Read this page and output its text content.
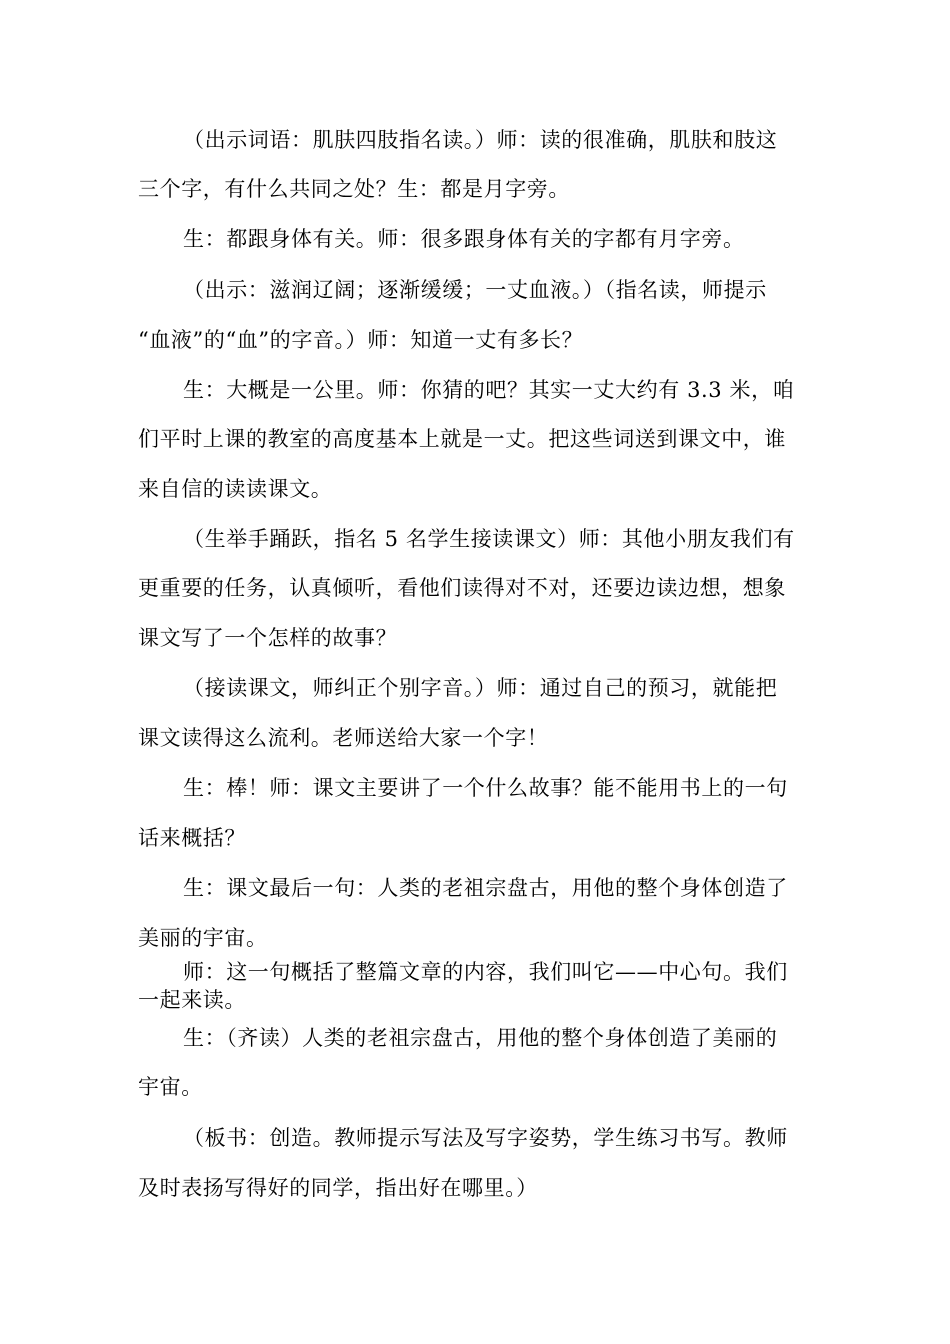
（出示词语：肌肤四肢指名读。）师：读的很准确，肌肤和肢这
三个字，有什么共同之处？生：都是月字旁。
生：都跟身体有关。师：很多跟身体有关的字都有月字旁。
（出示：滋润辽阔；逐渐缓缓；一丈血液。）（指名读，师提示
“血液”的“血”的字音。）师：知道一丈有多长？
生：大概是一公里。师：你猜的吧？其实一丈大约有 3.3 米，咱
们平时上课的教室的高度基本上就是一丈。把这些词送到课文中，谁
来自信的读读课文。
（生举手踊跃，指名 5 名学生接读课文）师：其他小朋友我们有
更重要的任务，认真倾听，看他们读得对不对，还要边读边想，想象
课文写了一个怎样的故事？
（接读课文，师纠正个别字音。）师：通过自己的预习，就能把
课文读得这么流利。老师送给大家一个字！
生：棒！师：课文主要讲了一个什么故事？能不能用书上的一句
话来概括？
生：课文最后一句：人类的老祖宗盘古，用他的整个身体创造了
美丽的宇宙。
师：这一句概括了整篇文章的内容，我们叫它——中心句。我们
一起来读。
生：（齐读）人类的老祖宗盘古，用他的整个身体创造了美丽的
宇宙。
（板书：创造。教师提示写法及写字姿势，学生练习书写。教师
及时表扬写得好的同学，指出好在哪里。）
